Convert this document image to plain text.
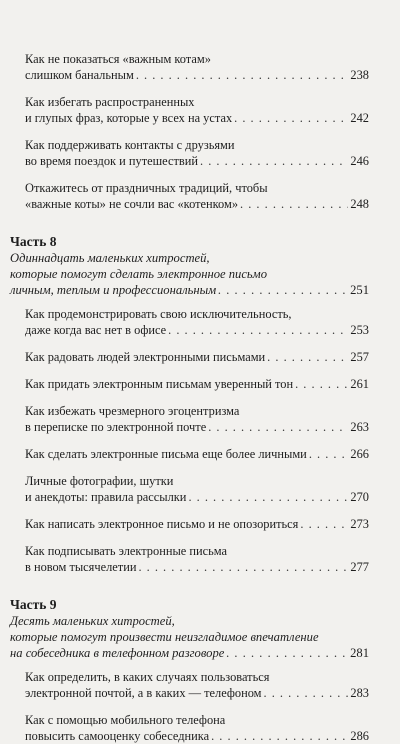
Как не показаться «важным котам»
слишком банальным . . .	238
Как избегать распространенных
и глупых фраз, которые у всех на устах . . .	242
Как поддерживать контакты с друзьями
во время поездок и путешествий . . .	246
Откажитесь от праздничных традиций, чтобы
«важные коты» не сочли вас «котенком» . . .	248
Часть 8
Одиннадцать маленьких хитростей,
которые помогут сделать электронное письмо
личным, теплым и профессиональным . . .	251
Как продемонстрировать свою исключительность,
даже когда вас нет в офисе . . .	253
Как радовать людей электронными письмами . . .	257
Как придать электронным письмам уверенный тон . . .	261
Как избежать чрезмерного эгоцентризма
в переписке по электронной почте . . .	263
Как сделать электронные письма еще более личными . . .	266
Личные фотографии, шутки
и анекдоты: правила рассылки . . .	270
Как написать электронное письмо и не опозориться . . .	273
Как подписывать электронные письма
в новом тысячелетии . . .	277
Часть 9
Десять маленьких хитростей,
которые помогут произвести неизгладимое впечатление
на собеседника в телефонном разговоре . . .	281
Как определить, в каких случаях пользоваться
электронной почтой, а в каких — телефоном . . .	283
Как с помощью мобильного телефона
повысить самооценку собеседника . . .	286
